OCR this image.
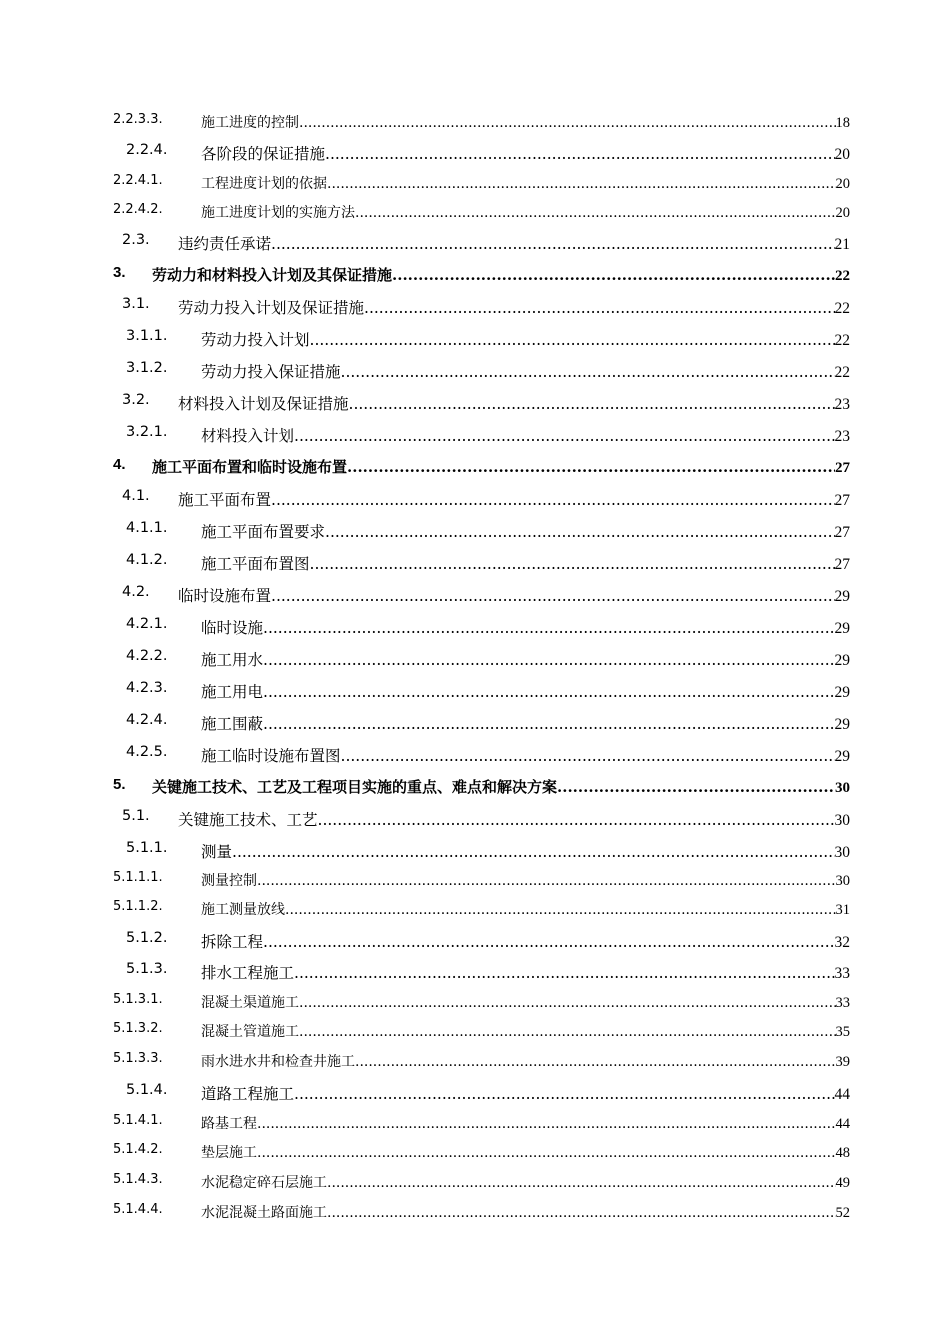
2.2.3.3.	施工进度的控制 .....	18
2.2.4. 各阶段的保证措施 .....	20
2.2.4.1.	工程进度计划的依据 .....	20
2.2.4.2.	施工进度计划的实施方法 .....	20
2.3. 违约责任承诺 .....	21
3. 劳动力和材料投入计划及其保证措施 .....	22
3.1. 劳动力投入计划及保证措施 .....	22
3.1.1. 劳动力投入计划 .....	22
3.1.2. 劳动力投入保证措施 .....	22
3.2. 材料投入计划及保证措施 .....	23
3.2.1. 材料投入计划 .....	23
4. 施工平面布置和临时设施布置 .....	27
4.1. 施工平面布置 .....	27
4.1.1. 施工平面布置要求 .....	27
4.1.2. 施工平面布置图 .....	27
4.2. 临时设施布置 .....	29
4.2.1. 临时设施 .....	29
4.2.2. 施工用水 .....	29
4.2.3. 施工用电 .....	29
4.2.4. 施工围蔽 .....	29
4.2.5. 施工临时设施布置图 .....	29
5. 关键施工技术、工艺及工程项目实施的重点、难点和解决方案 .....	30
5.1. 关键施工技术、工艺 .....	30
5.1.1. 测量 .....	30
5.1.1.1.	测量控制 .....	30
5.1.1.2.	施工测量放线 .....	31
5.1.2. 拆除工程 .....	32
5.1.3. 排水工程施工 .....	33
5.1.3.1.	混凝土渠道施工 .....	33
5.1.3.2.	混凝土管道施工 .....	35
5.1.3.3.	雨水进水井和检查井施工 .....	39
5.1.4. 道路工程施工 .....	44
5.1.4.1.	路基工程 .....	44
5.1.4.2.	垫层施工 .....	48
5.1.4.3.	水泥稳定碎石层施工 .....	49
5.1.4.4.	水泥混凝土路面施工 .....	52
